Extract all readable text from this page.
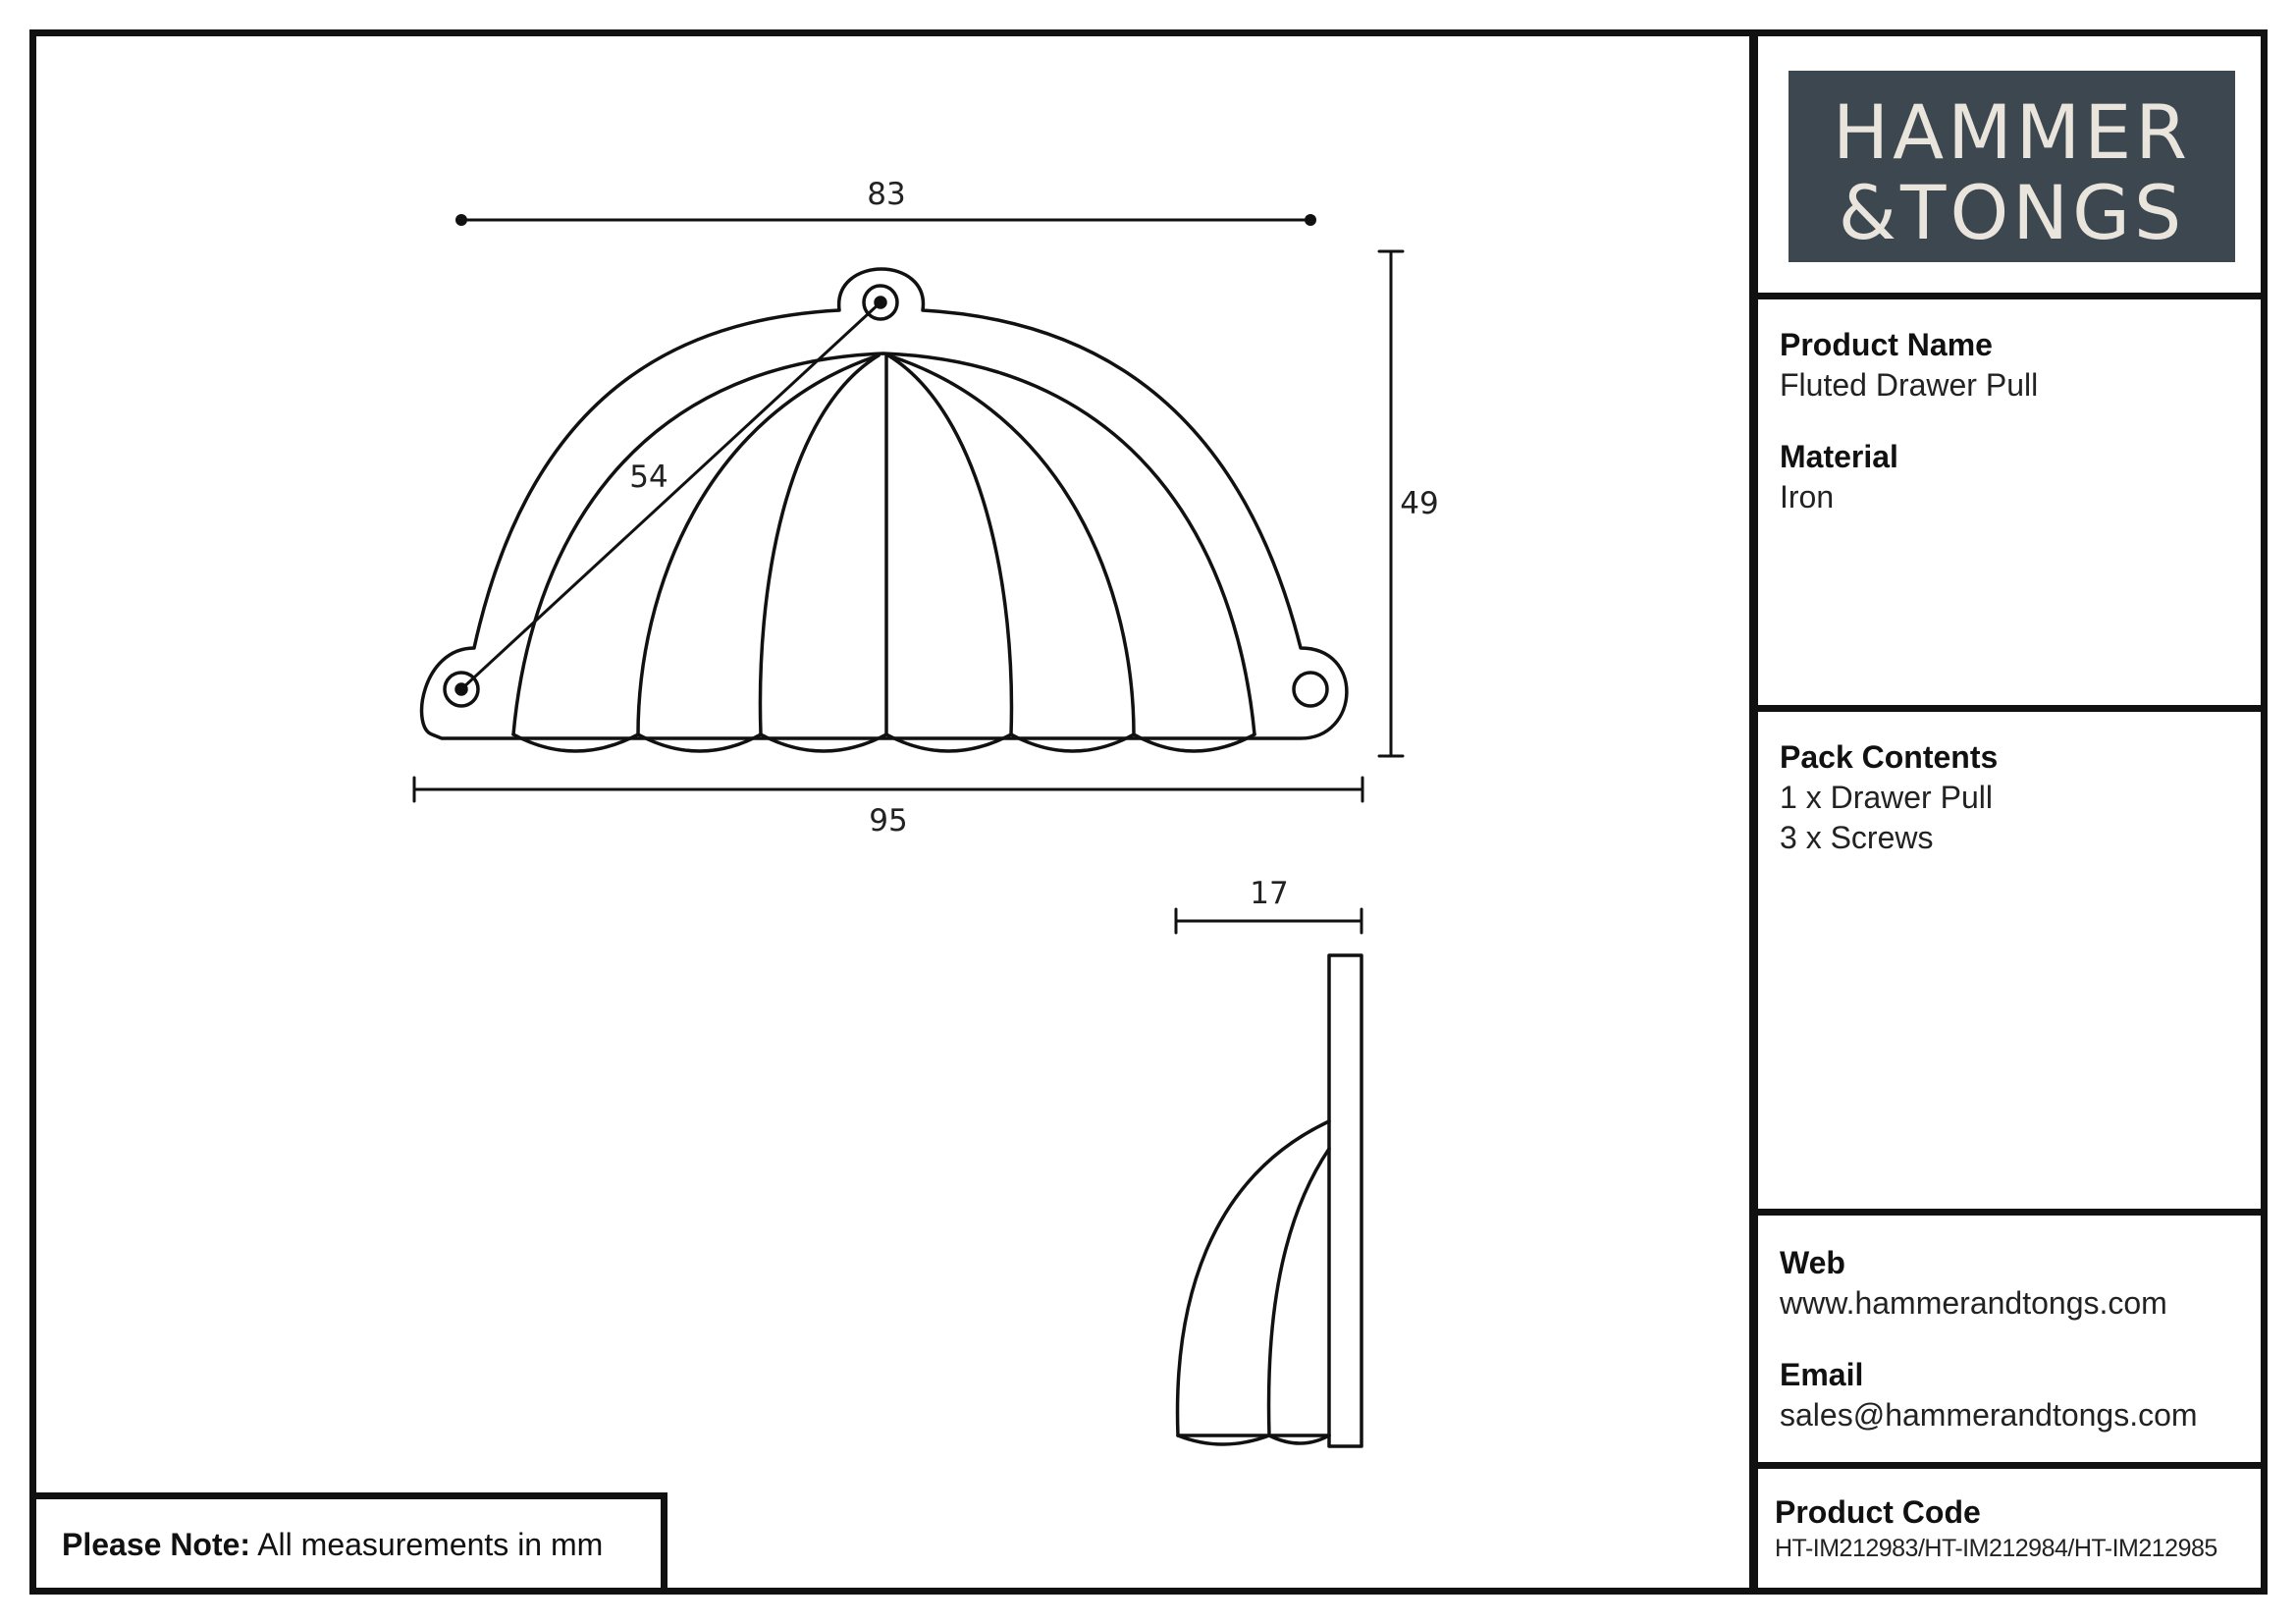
83
54
49
95
17
HAMMER
&TONGS

Product Name

Fluted Drawer Pull

Material

Iron

Pack Contents

1 x Drawer Pull

3 x Screws

Web

www.hammerandtongs.com

Email

sales@hammerandtongs.com

Product Code

HT-IM212983/HT-IM212984/HT-IM212985

Please Note: All measurements in mm
